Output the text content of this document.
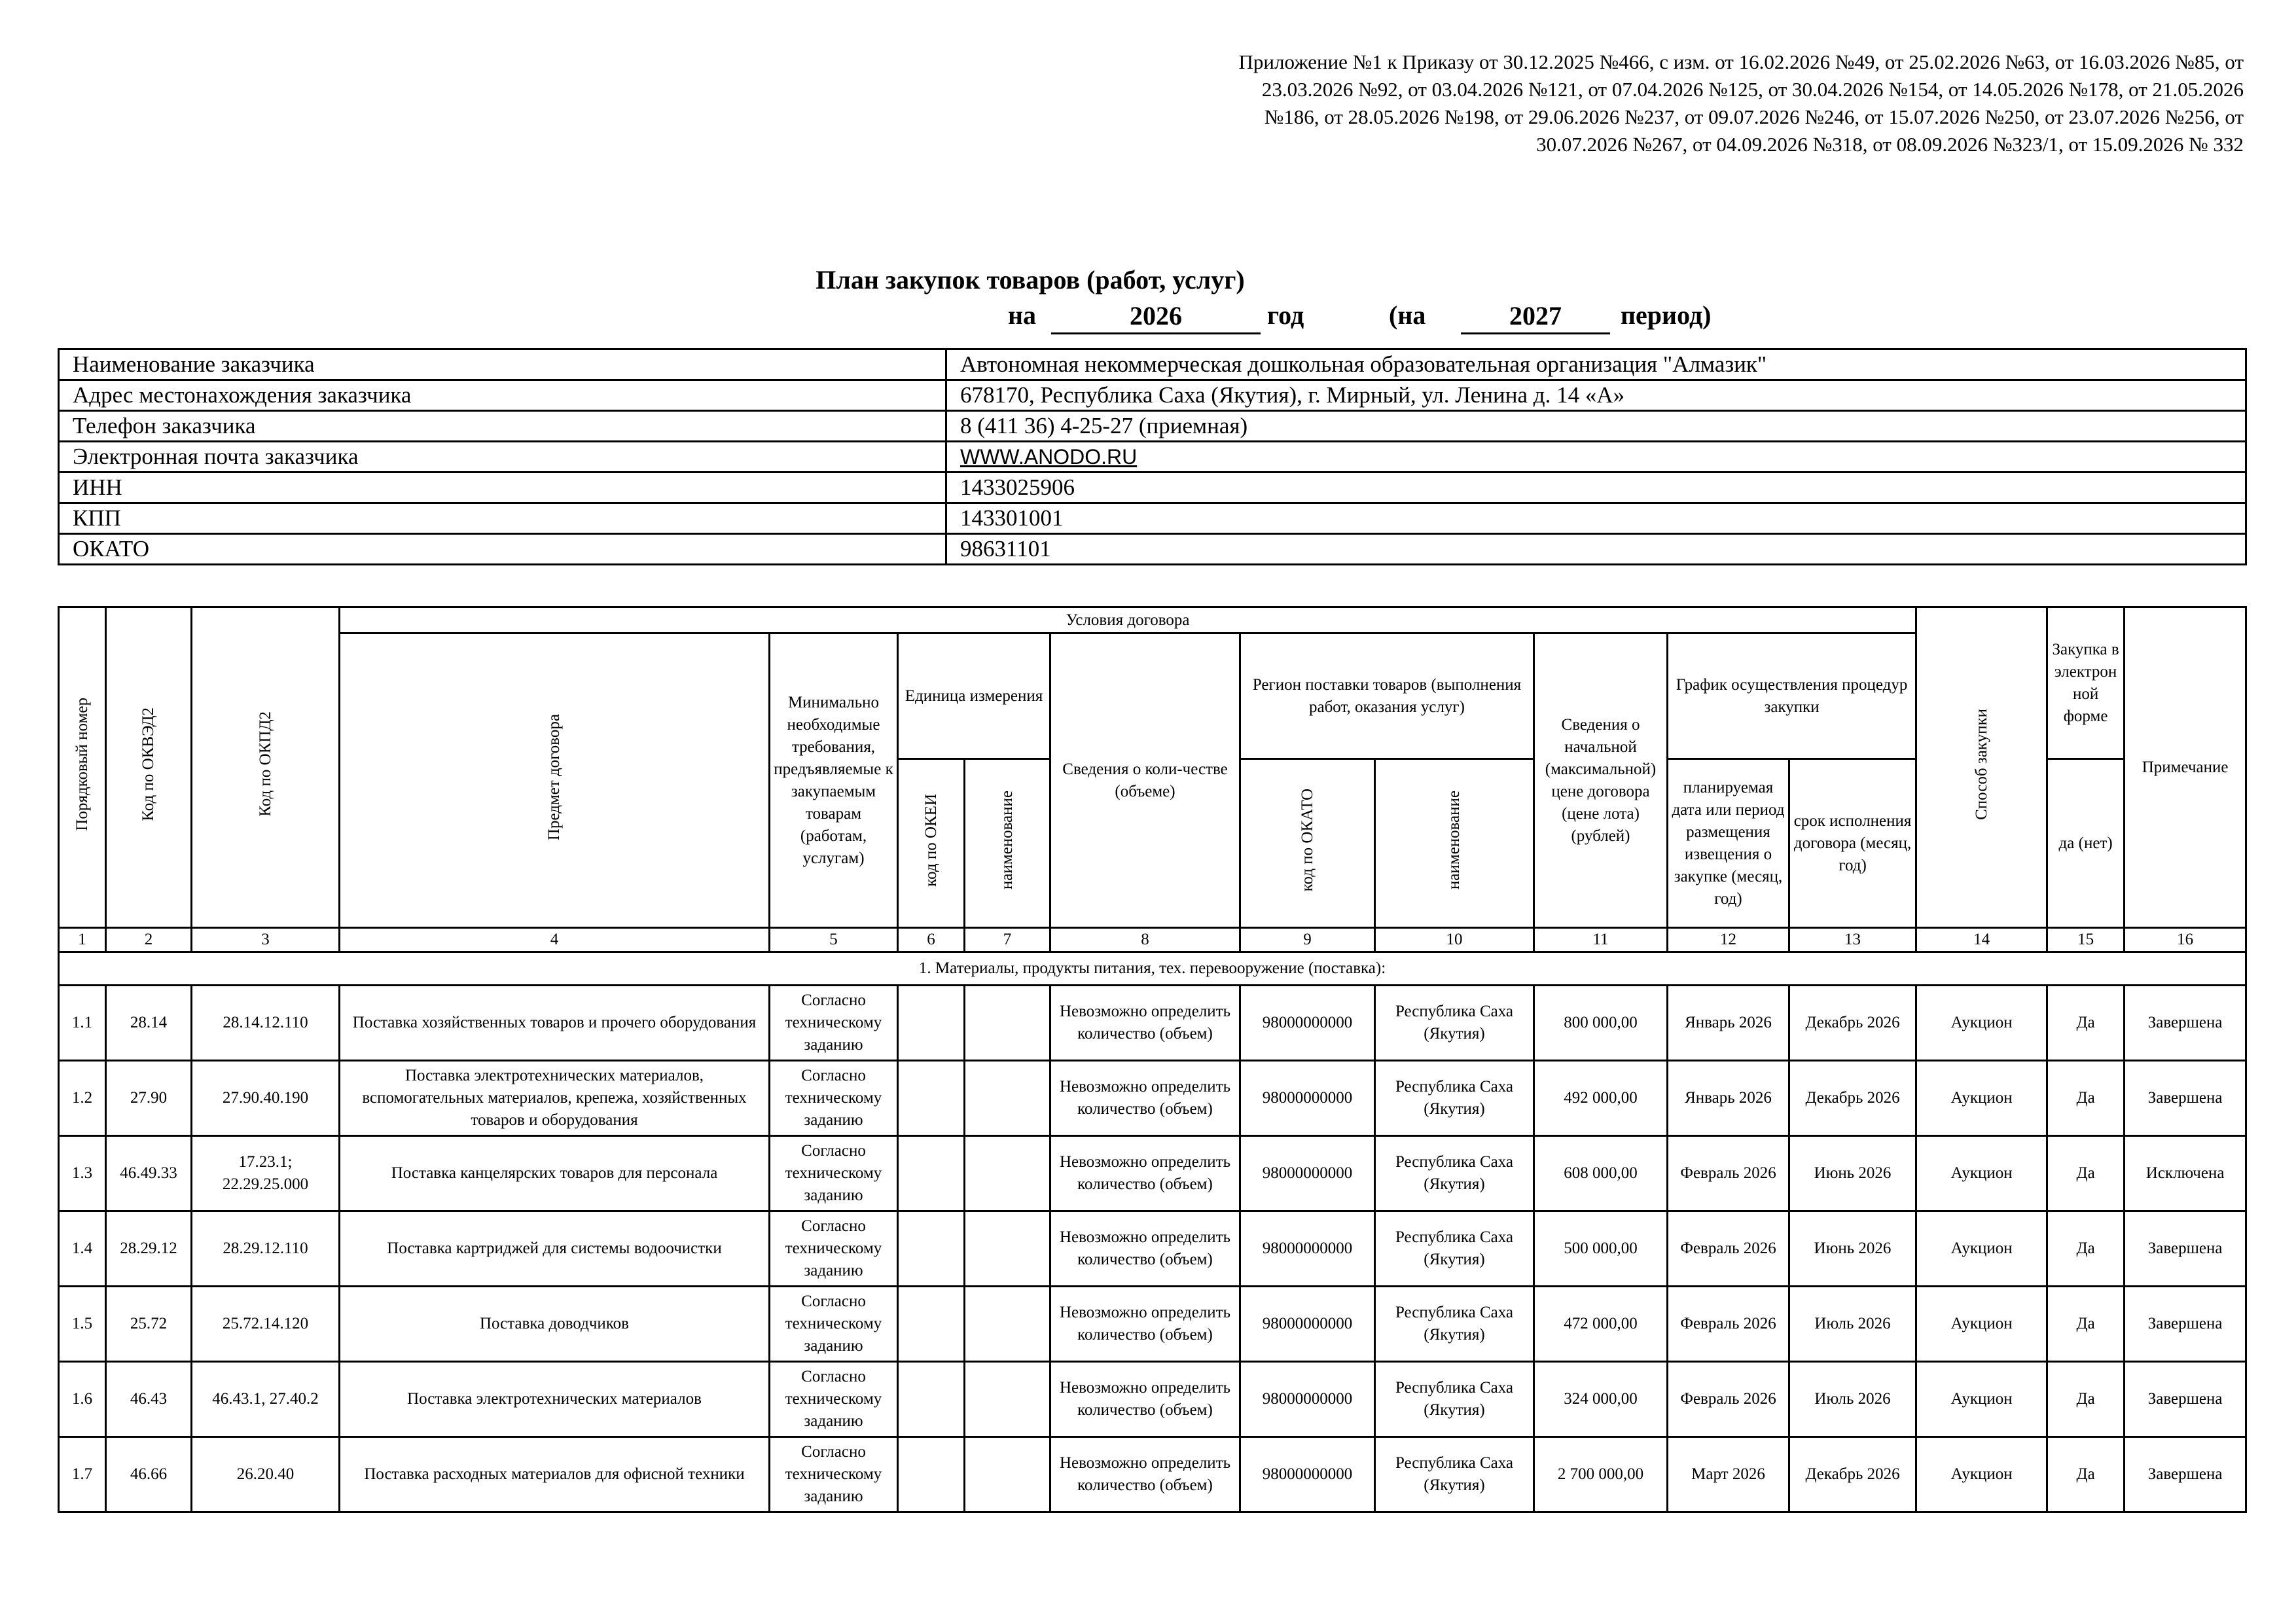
Приложение №1 к Приказу от 30.12.2025 №466, с изм. от 16.02.2026 №49, от 25.02.2026 №63, от 16.03.2026 №85, от
23.03.2026 №92, от 03.04.2026 №121, от 07.04.2026 №125, от 30.04.2026 №154, от 14.05.2026 №178, от 21.05.2026
№186, от 28.05.2026 №198, от 29.06.2026 №237, от 09.07.2026 №246, от 15.07.2026 №250, от 23.07.2026 №256, от
30.07.2026 №267, от 04.09.2026 №318, от 08.09.2026 №323/1, от 15.09.2026 № 332
План закупок товаров (работ, услуг)
на	2026	год	(на	2027	период)
Наименование заказчика	Автономная некоммерческая дошкольная образовательная организация "Алмазик"
Адрес местонахождения заказчика	678170, Республика Саха (Якутия), г. Мирный, ул. Ленина д. 14 «А»
Телефон заказчика	8 (411 36) 4-25-27 (приемная)
Электронная почта заказчика	WWW.ANODO.RU
ИНН	1433025906
КПП	143301001
ОКАТО	98631101
Порядковый номер	Код по ОКВЭД2	Код по ОКПД2	Условия договора										Способ закупки	Закупка в электрон ной форме	Примечание
			Предмет договора	Минимально необходимые требования, предъявляемые к закупаемым товарам (работам, услугам)	Единица измерения		Сведения о коли-честве (объеме)	Регион поставки товаров (выполнения работ, оказания услуг)		Сведения о начальной (максимальной) цене договора (цене лота) (рублей)	График осуществления процедур закупки				
					код по ОКЕИ	наименование		код по ОКАТО	наименование		планируемая дата или период размещения извещения о закупке (месяц, год)	срок исполнения договора (месяц, год)		да (нет)	
1	2	3	4	5	6	7	8	9	10	11	12	13	14	15	16
1. Материалы, продукты питания, тех. перевооружение (поставка):															
1.1	28.14	28.14.12.110	Поставка хозяйственных товаров и прочего оборудования	Согласно техническому заданию			Невозможно определить количество (объем)	98000000000	Республика Саха (Якутия)	800 000,00	Январь 2026	Декабрь 2026	Аукцион	Да	Завершена
1.2	27.90	27.90.40.190	Поставка электротехнических материалов, вспомогательных материалов, крепежа, хозяйственных товаров и оборудования	Согласно техническому заданию			Невозможно определить количество (объем)	98000000000	Республика Саха (Якутия)	492 000,00	Январь 2026	Декабрь 2026	Аукцион	Да	Завершена
1.3	46.49.33	17.23.1; 22.29.25.000	Поставка канцелярских товаров для персонала	Согласно техническому заданию			Невозможно определить количество (объем)	98000000000	Республика Саха (Якутия)	608 000,00	Февраль 2026	Июнь 2026	Аукцион	Да	Исключена
1.4	28.29.12	28.29.12.110	Поставка картриджей для системы водоочистки	Согласно техническому заданию			Невозможно определить количество (объем)	98000000000	Республика Саха (Якутия)	500 000,00	Февраль 2026	Июнь 2026	Аукцион	Да	Завершена
1.5	25.72	25.72.14.120	Поставка доводчиков	Согласно техническому заданию			Невозможно определить количество (объем)	98000000000	Республика Саха (Якутия)	472 000,00	Февраль 2026	Июль 2026	Аукцион	Да	Завершена
1.6	46.43	46.43.1, 27.40.2	Поставка электротехнических материалов	Согласно техническому заданию			Невозможно определить количество (объем)	98000000000	Республика Саха (Якутия)	324 000,00	Февраль 2026	Июль 2026	Аукцион	Да	Завершена
1.7	46.66	26.20.40	Поставка расходных материалов для офисной техники	Согласно техническому заданию			Невозможно определить количество (объем)	98000000000	Республика Саха (Якутия)	2 700 000,00	Март 2026	Декабрь 2026	Аукцион	Да	Завершена
